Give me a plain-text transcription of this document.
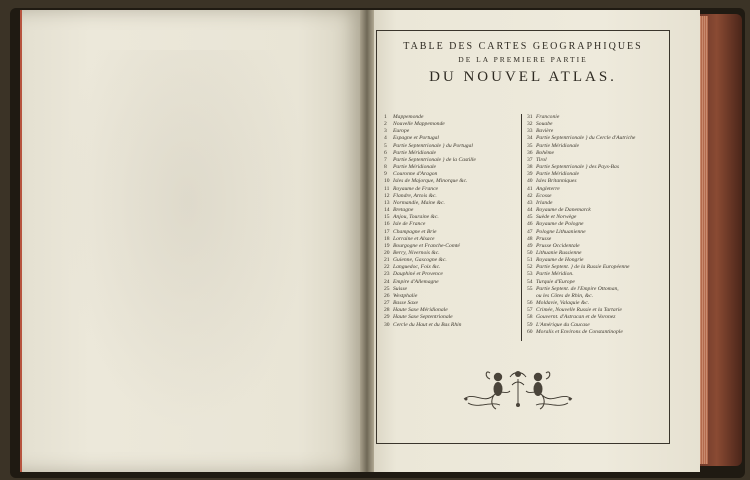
TABLE DES CARTES GEOGRAPHIQUES
DE LA PREMIERE PARTIE
DU NOUVEL ATLAS.
1 Mappemonde
2 Nouvelle Mappemonde
3 Europe
4 Espagne et Portugal
5 Partie Septentrionale } du Portugal
6 Partie Méridionale
7 Partie Septentrionale } de la Castille
8 Partie Méridionale
9 Couronne d'Aragon
10 Isles de Majorque, Minorque &c.
11 Royaume de France
12 Flandre, Artois &c.
13 Normandie, Maine &c.
14 Bretagne
15 Anjou, Touraine &c.
16 Isle de France
17 Champagne et Brie
18 Lorraine et Alsace
19 Bourgogne et Franche-Comté
20 Berry, Nivernois &c.
21 Guienne, Gascogne &c.
22 Languedoc, Foix &c.
23 Dauphiné et Provence
24 Empire d'Allemagne
25 Suisse
26 Westphalie
27 Basse Saxe
28 Haute Saxe Méridionale
29 Haute Saxe Septentrionale
30 Cercle du Haut et du Bas Rhin
31 Franconie
32 Souabe
33 Bavière
34 Partie Septentrionale } du Cercle d'Autriche
35 Partie Méridionale
36 Bohême
37 Tirol
38 Partie Septentrionale } des Pays-Bas
39 Partie Méridionale
40 Isles Britanniques
41 Angleterre
42 Ecosse
43 Irlande
44 Royaume de Danemarck
45 Suède et Norwège
46 Royaume de Pologne
47 Pologne Lithuanienne
48 Prusse
49 Prusse Occidentale
50 Lithuanie Russienne
51 Royaume de Hongrie
52 Partie Septent. } de la Russie Européenne
53 Partie Méridion.
54 Turquie d'Europe
55 Partie Septent. de l'Empire Ottoman,
ou les Côtes de Rhin, &c.
56 Moldavie, Valaquie &c.
57 Crimée, Nouvelle Russie et la Tartarie
58 Gouvernt. d'Astracan et de Voronez
59 L'Amérique du Caucase
60 Moralis et Environs de Constantinople
